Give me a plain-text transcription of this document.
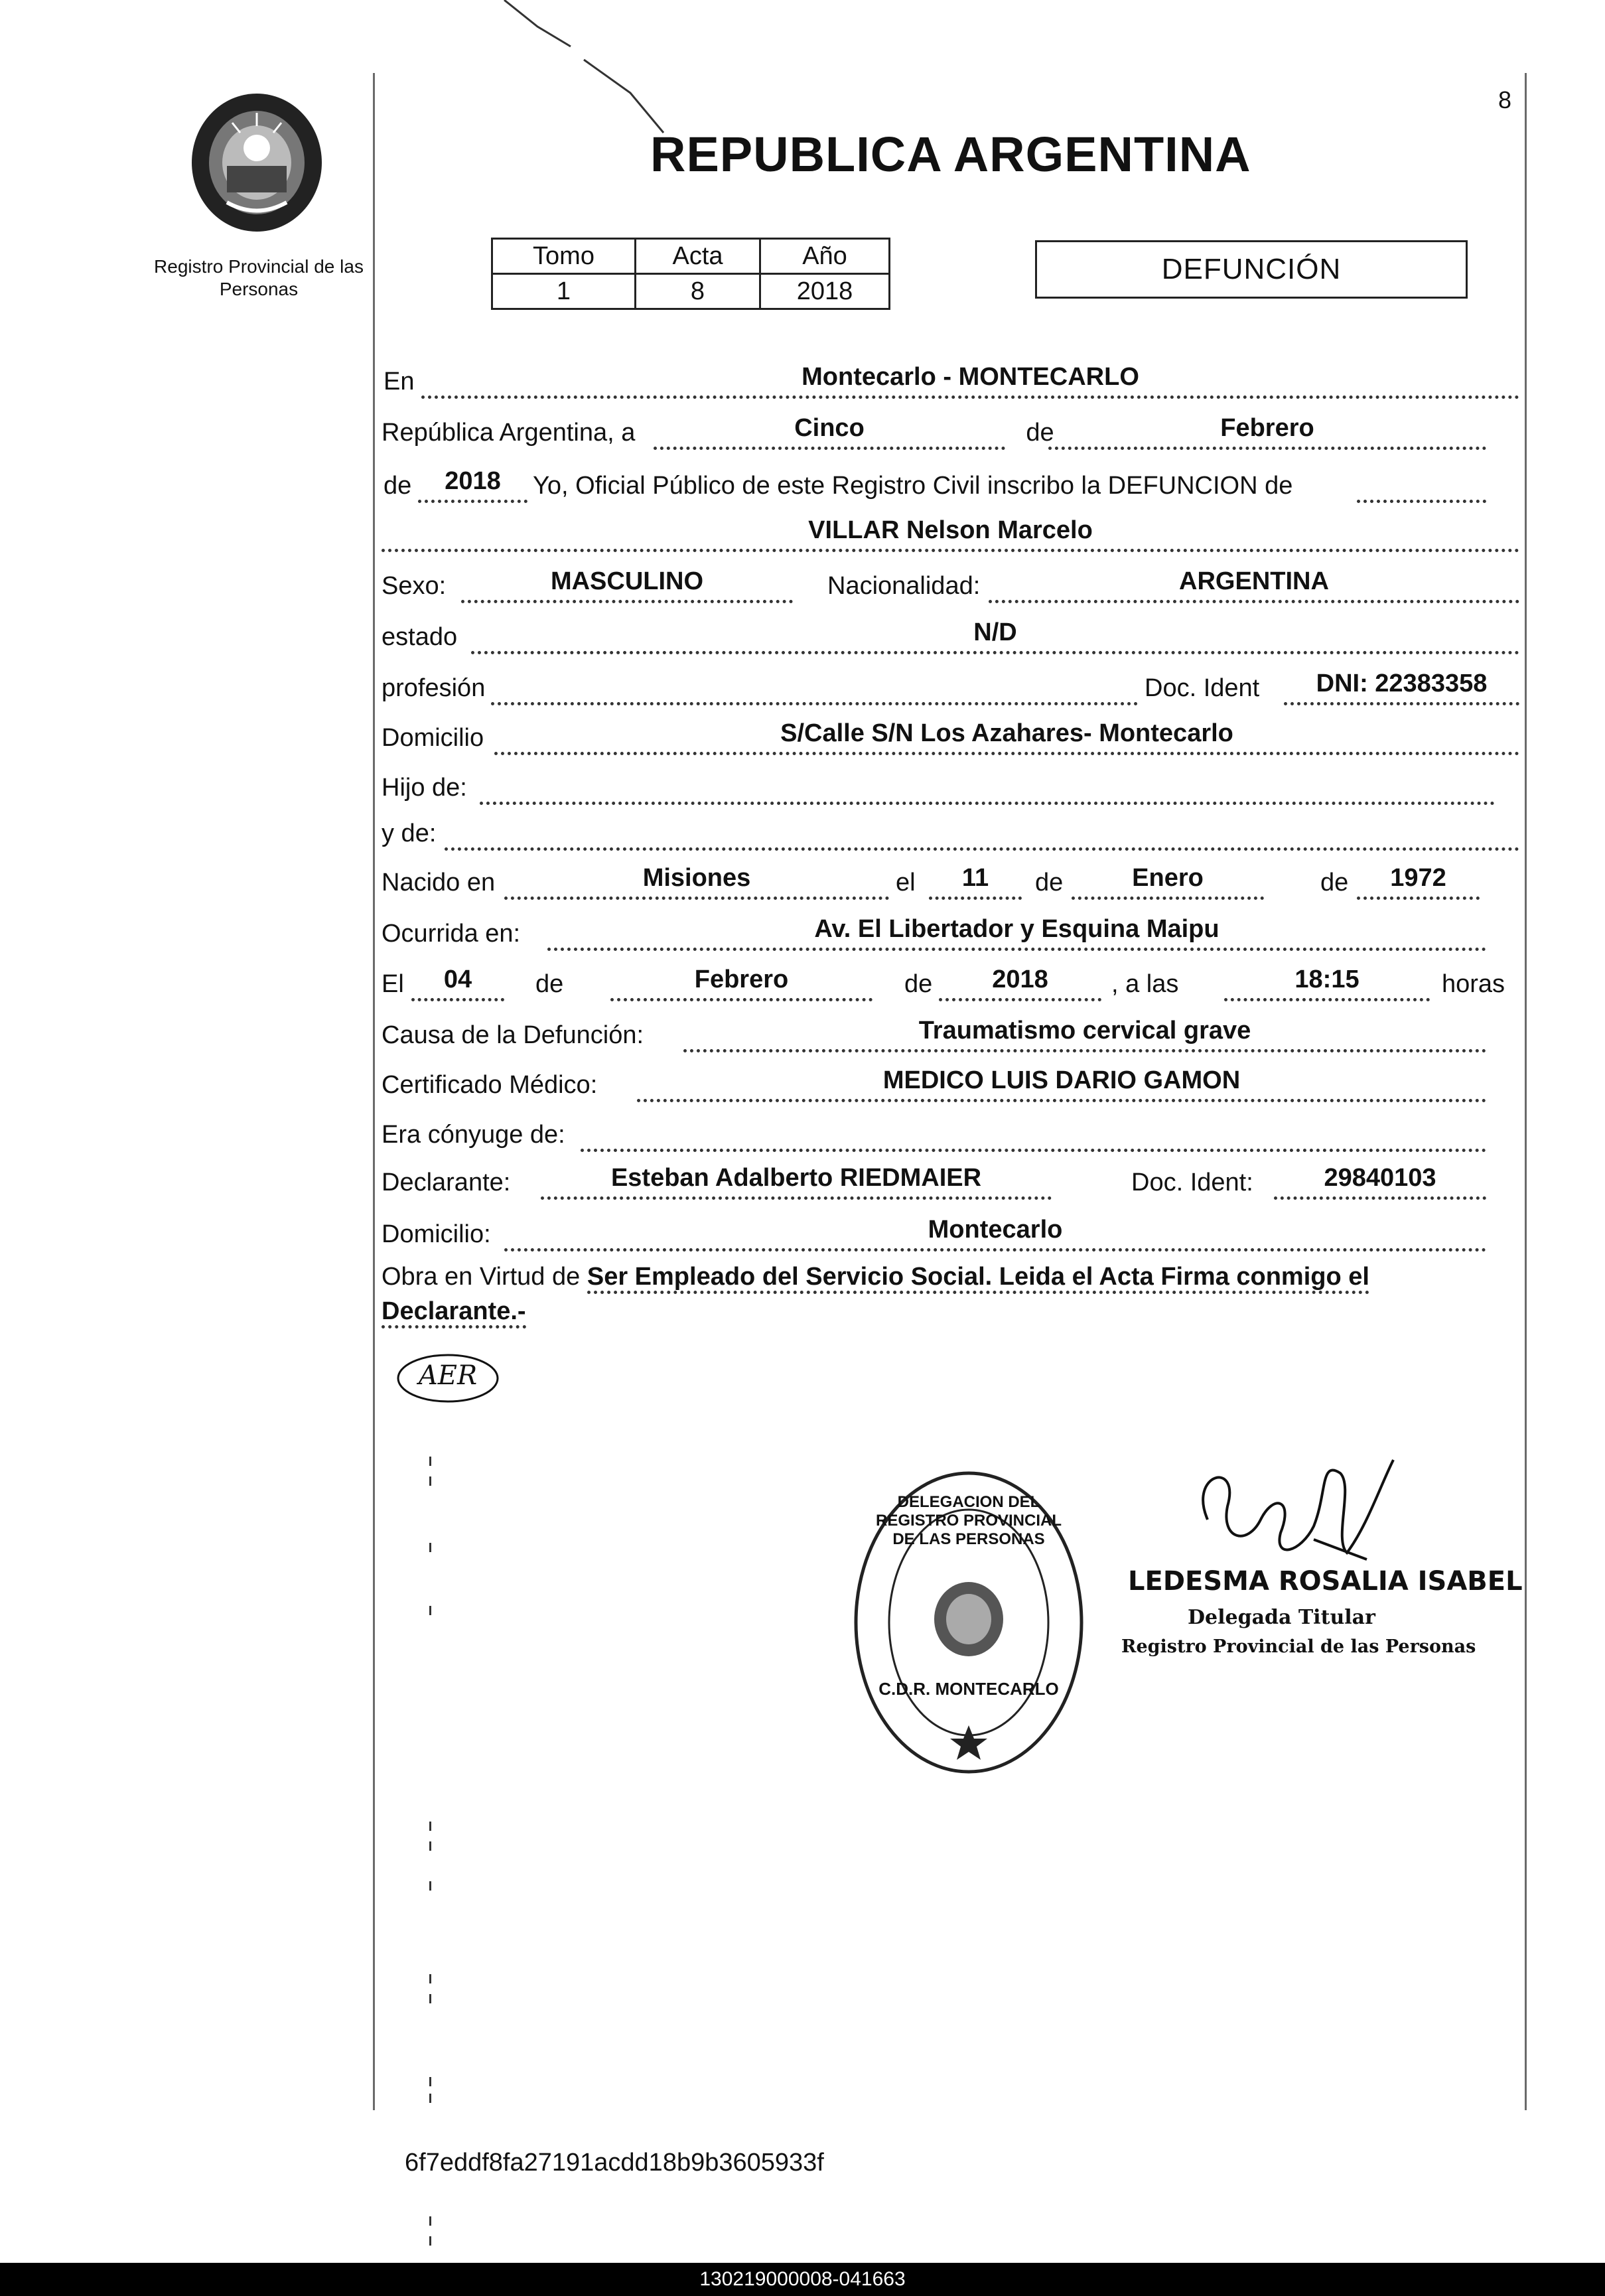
8
Registro Provincial de las Personas
REPUBLICA ARGENTINA
Tomo	Acta	Año
1	8	2018
DEFUNCIÓN
En	Montecarlo - MONTECARLO
República Argentina, a	Cinco	de	Febrero
de	2018	Yo, Oficial Público de este Registro Civil inscribo la DEFUNCION de
VILLAR Nelson Marcelo
Sexo:	MASCULINO	Nacionalidad:	ARGENTINA
estado	N/D
profesión	Doc. Ident	DNI: 22383358
Domicilio	S/Calle S/N Los Azahares- Montecarlo
Hijo de:
y de:
Nacido en	Misiones	el	11	de	Enero	de	1972
Ocurrida en:	Av. El Libertador y Esquina Maipu
El	04	de	Febrero	de	2018	, a las	18:15	horas
Causa de la Defunción:	Traumatismo cervical grave
Certificado Médico:	MEDICO LUIS DARIO GAMON
Era cónyuge de:
Declarante:	Esteban Adalberto RIEDMAIER	Doc. Ident:	29840103
Domicilio:	Montecarlo
Obra en Virtud de Ser Empleado del Servicio Social. Leida el Acta Firma conmigo el
Declarante.-
AER
DELEGACION DEL REGISTRO PROVINCIAL DE LAS PERSONAS
C.D.R. MONTECARLO
LEDESMA ROSALIA ISABEL
Delegada Titular
Registro Provincial de las Personas
6f7eddf8fa27191acdd18b9b3605933f
130219000008-041663
